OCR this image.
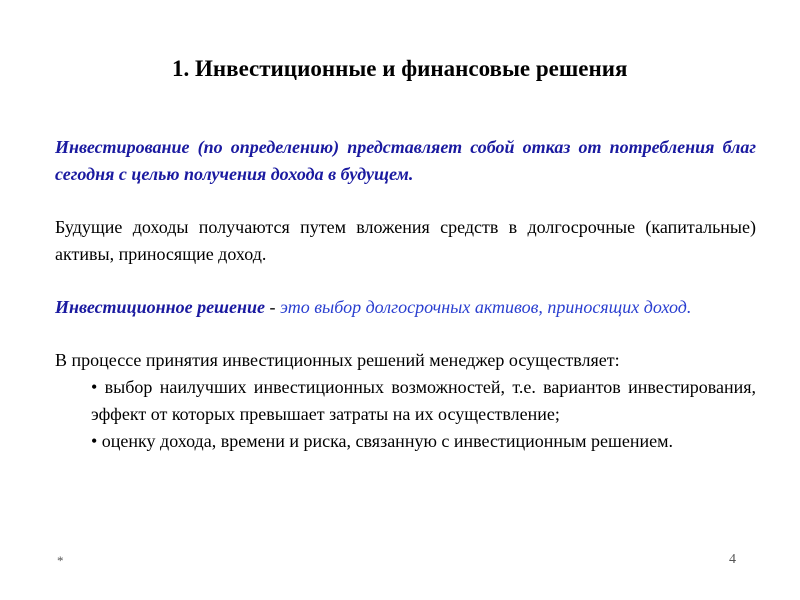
1. Инвестиционные и финансовые решения

Инвестирование (по определению) представляет собой отказ от потребления благ сегодня с целью получения дохода в будущем.

Будущие доходы получаются путем вложения средств в долгосрочные (капитальные) активы, приносящие доход.

Инвестиционное решение - это выбор долгосрочных активов, приносящих доход.

В процессе принятия инвестиционных решений менеджер осуществляет:

• выбор наилучших инвестиционных возможностей, т.е. вариантов инвестирования, эффект от которых превышает затраты на их осуществление;
• оценку дохода, времени и риска, связанную с инвестиционным решением.
*	4
